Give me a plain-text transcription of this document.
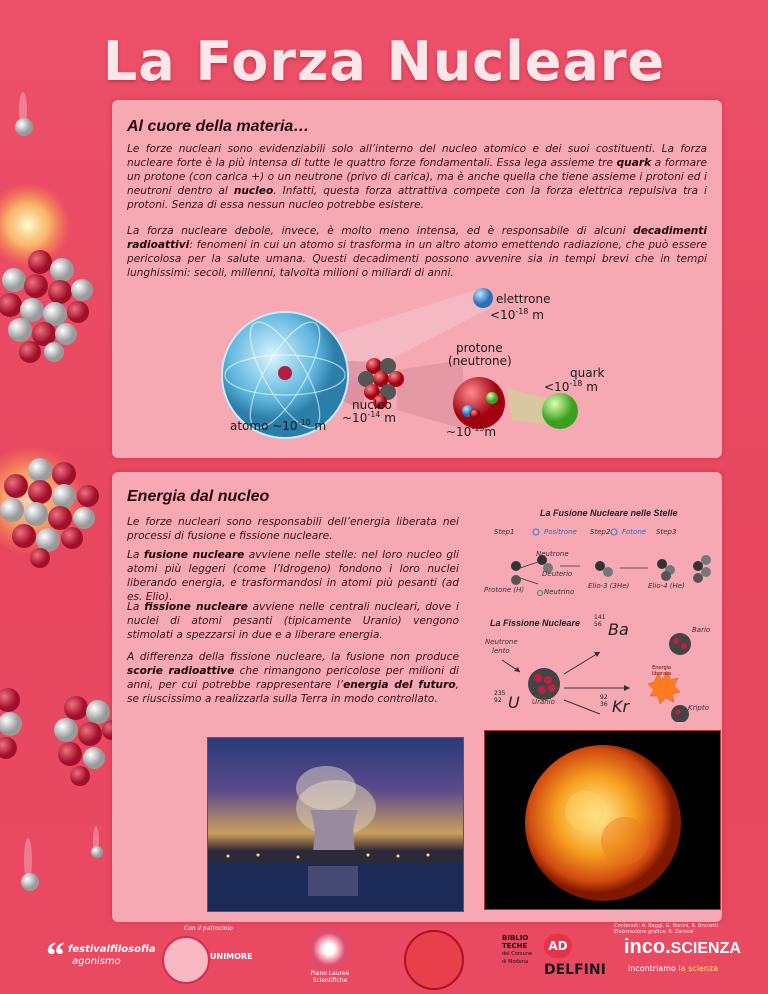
La Forza Nucleare
Al cuore della materia…
Le forze nucleari sono evidenziabili solo all’interno del nucleo atomico e dei suoi costituenti. La forza nucleare forte è la più intensa di tutte le quattro forze fondamentali. Essa lega assieme tre quark a formare un protone (con carica +) o un neutrone (privo di carica), ma è anche quella che tiene assieme i protoni ed i neutroni dentro al nucleo. Infatti, questa forza attrattiva compete con la forza elettrica repulsiva tra i protoni. Senza di essa nessun nucleo potrebbe esistere.
La forza nucleare debole, invece, è molto meno intensa, ed è responsabile di alcuni decadimenti radioattivi: fenomeni in cui un atomo si trasforma in un altro atomo emettendo radiazione, che può essere pericolosa per la salute umana. Questi decadimenti possono avvenire sia in tempi brevi che in tempi lunghissimi: secoli, millenni, talvolta milioni o miliardi di anni.
elettrone
$<10^{-18}$ m
protone
(neutrone)
quark
$<10^{-18}$ m
nucleo
$\sim 10^{-14}$ m
atomo $\sim 10^{-10}$ m	$\sim 10^{-15}m$
Energia dal nucleo
Le forze nucleari sono responsabili dell’energia liberata nei processi di fusione e fissione nucleare.
La fusione nucleare avviene nelle stelle: nel loro nucleo gli atomi più leggeri (come l’Idrogeno) fondono i loro nuclei liberando energia, e trasformandosi in atomi più pesanti (ad es. Elio).
La fissione nucleare avviene nelle centrali nucleari, dove i nuclei di atomi pesanti (tipicamente Uranio) vengono stimolati a spezzarsi in due e a liberare energia.
A differenza della fissione nucleare, la fusione non produce scorie radioattive che rimangono pericolose per milioni di anni, per cui potrebbe rappresentare l’energia del futuro, se riuscissimo a realizzarla sulla Terra in modo controllato.
La Fusione Nucleare nelle Stelle
Step1	Positrone Step2 Fotone Step3
Neutrone
Deuterio
Elio-3 (3He)	Elio-4 (He)
Protone (H)	Neutrino
La Fissione Nucleare
Neutrone
lento
141
56 Ba	Bario
Energia
liberata
235
92 U Uranio
92
36 Kr	Kripto
Contenuti: A. Baggi, G. Bonini, R. Brunetti
Elaborazione grafica: R. Zarnesi
Con il patrocinio
“ festivalfilosofia
agonismo	UNIMORE
Piano Lauree
Scientifiche
BIBLIO
TECHE
del Comune
di Modena
AD
DELFINI
inco.SCIENZA
incontriamo la scienza
